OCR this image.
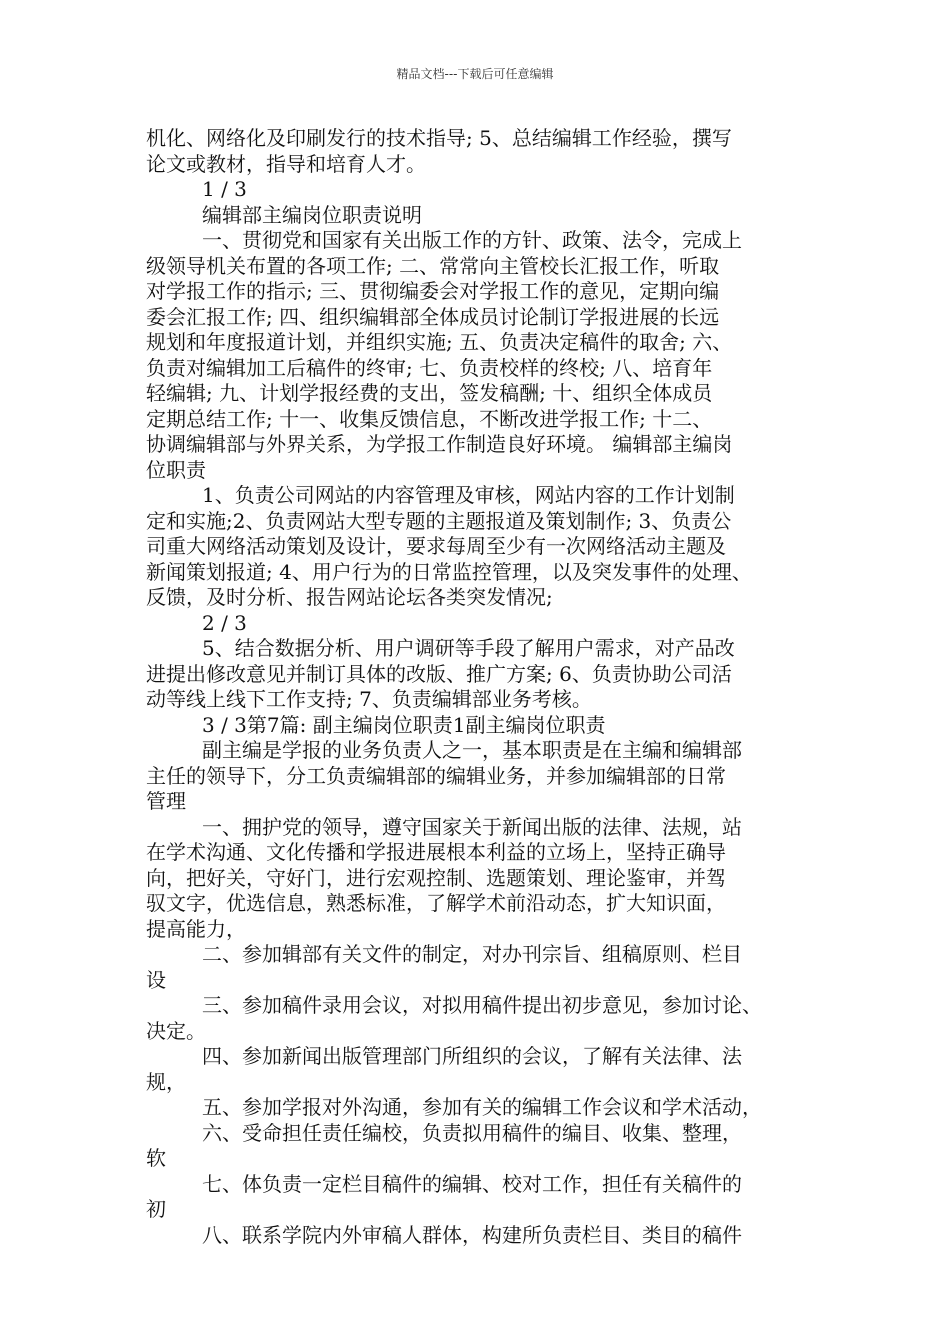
精品文档---下载后可任意编辑
机化、网络化及印刷发行的技术指导; 5、总结编辑工作经验，撰写
论文或教材，指导和培育人才。
1 / 3
编辑部主编岗位职责说明
一、贯彻党和国家有关出版工作的方针、政策、法令，完成上
级领导机关布置的各项工作; 二、常常向主管校长汇报工作，听取
对学报工作的指示; 三、贯彻编委会对学报工作的意见，定期向编
委会汇报工作; 四、组织编辑部全体成员讨论制订学报进展的长远
规划和年度报道计划，并组织实施; 五、负责决定稿件的取舍; 六、
负责对编辑加工后稿件的终审; 七、负责校样的终校; 八、培育年
轻编辑; 九、计划学报经费的支出，签发稿酬; 十、组织全体成员
定期总结工作; 十一、收集反馈信息，不断改进学报工作; 十二、
协调编辑部与外界关系，为学报工作制造良好环境。 编辑部主编岗
位职责
1、负责公司网站的内容管理及审核，网站内容的工作计划制
定和实施;2、负责网站大型专题的主题报道及策划制作; 3、负责公
司重大网络活动策划及设计，要求每周至少有一次网络活动主题及
新闻策划报道; 4、用户行为的日常监控管理，以及突发事件的处理、
反馈，及时分析、报告网站论坛各类突发情况;
2 / 3
5、结合数据分析、用户调研等手段了解用户需求，对产品改
进提出修改意见并制订具体的改版、推广方案; 6、负责协助公司活
动等线上线下工作支持; 7、负责编辑部业务考核。
3 / 3第7篇: 副主编岗位职责1副主编岗位职责
副主编是学报的业务负责人之一，基本职责是在主编和编辑部
主任的领导下，分工负责编辑部的编辑业务，并参加编辑部的日常
管理
一、拥护党的领导，遵守国家关于新闻出版的法律、法规，站
在学术沟通、文化传播和学报进展根本利益的立场上，坚持正确导
向，把好关，守好门，进行宏观控制、选题策划、理论鉴审，并驾
驭文字，优选信息，熟悉标准，了解学术前沿动态，扩大知识面，
提高能力，
二、参加辑部有关文件的制定，对办刊宗旨、组稿原则、栏目
设
三、参加稿件录用会议，对拟用稿件提出初步意见，参加讨论、
决定。
四、参加新闻出版管理部门所组织的会议，了解有关法律、法
规，
五、参加学报对外沟通，参加有关的编辑工作会议和学术活动，
六、受命担任责任编校，负责拟用稿件的编目、收集、整理，
软
七、体负责一定栏目稿件的编辑、校对工作，担任有关稿件的
初
八、联系学院内外审稿人群体，构建所负责栏目、类目的稿件
